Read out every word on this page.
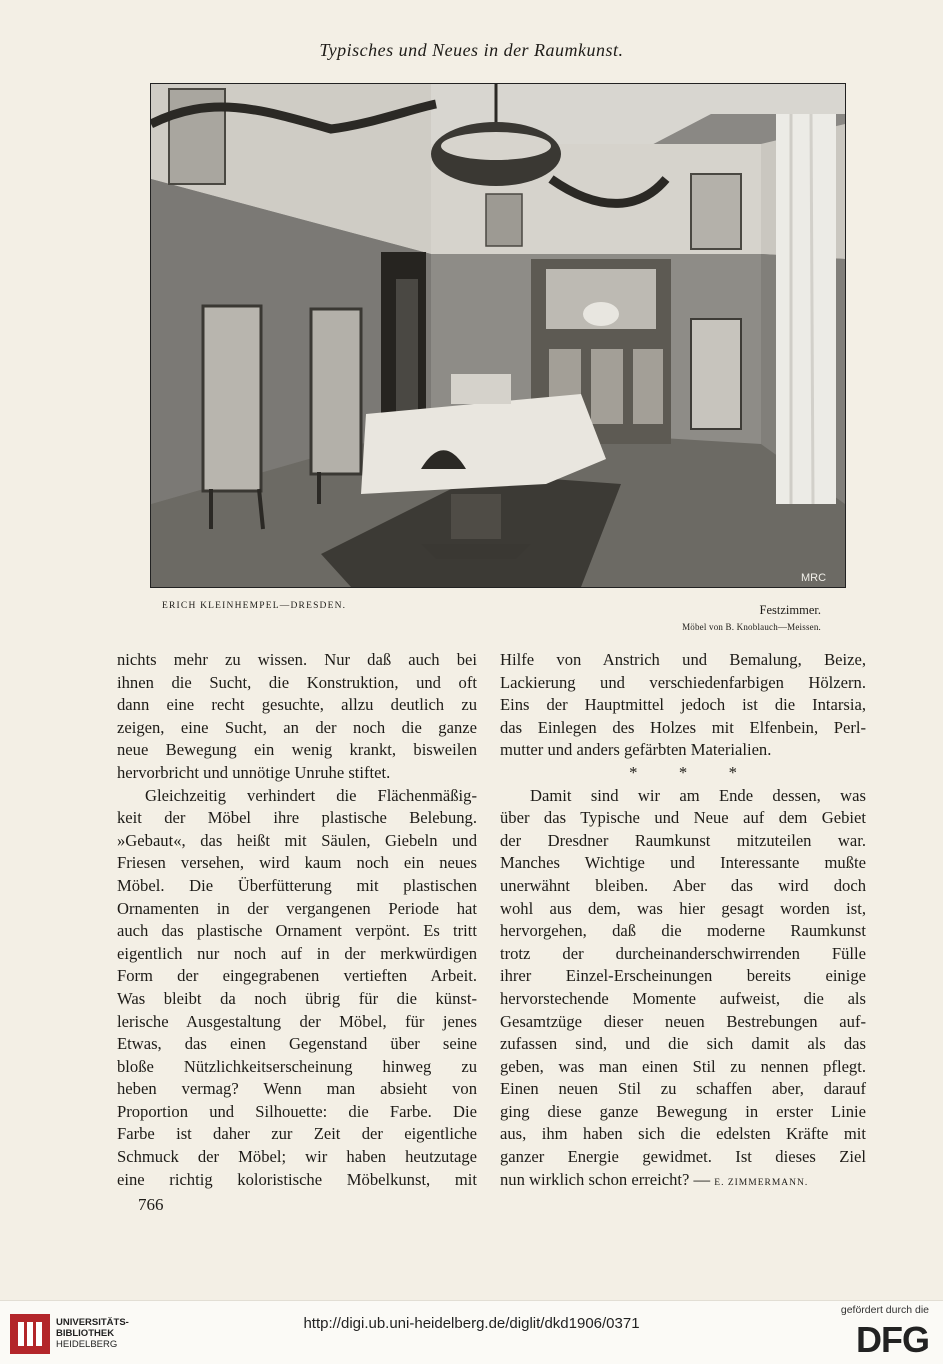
Typisches und Neues in der Raumkunst.
MRC
ERICH KLEINHEMPEL—DRESDEN.	Festzimmer.
Möbel von B. Knoblauch—Meissen.
nichts mehr zu wissen. Nur daß auch bei
ihnen die Sucht, die Konstruktion, und oft
dann eine recht gesuchte, allzu deutlich zu
zeigen, eine Sucht, an der noch die ganze
neue Bewegung ein wenig krankt, bisweilen
hervorbricht und unnötige Unruhe stiftet.
Gleichzeitig verhindert die Flächenmäßig-
keit der Möbel ihre plastische Belebung.
»Gebaut«, das heißt mit Säulen, Giebeln und
Friesen versehen, wird kaum noch ein neues
Möbel. Die Überfütterung mit plastischen
Ornamenten in der vergangenen Periode hat
auch das plastische Ornament verpönt. Es tritt
eigentlich nur noch auf in der merkwürdigen
Form der eingegrabenen vertieften Arbeit.
Was bleibt da noch übrig für die künst-
lerische Ausgestaltung der Möbel, für jenes
Etwas, das einen Gegenstand über seine
bloße Nützlichkeitserscheinung hinweg zu
heben vermag? Wenn man absieht von
Proportion und Silhouette: die Farbe. Die
Farbe ist daher zur Zeit der eigentliche
Schmuck der Möbel; wir haben heutzutage
eine richtig koloristische Möbelkunst, mit
Hilfe von Anstrich und Bemalung, Beize,
Lackierung und verschiedenfarbigen Hölzern.
Eins der Hauptmittel jedoch ist die Intarsia,
das Einlegen des Holzes mit Elfenbein, Perl-
mutter und anders gefärbten Materialien.
*          *          *
Damit sind wir am Ende dessen, was
über das Typische und Neue auf dem Gebiet
der Dresdner Raumkunst mitzuteilen war.
Manches Wichtige und Interessante mußte
unerwähnt bleiben. Aber das wird doch
wohl aus dem, was hier gesagt worden ist,
hervorgehen, daß die moderne Raumkunst
trotz der durcheinanderschwirrenden Fülle
ihrer Einzel-Erscheinungen bereits einige
hervorstechende Momente aufweist, die als
Gesamtzüge dieser neuen Bestrebungen auf-
zufassen sind, und die sich damit als das
geben, was man einen Stil zu nennen pflegt.
Einen neuen Stil zu schaffen aber, darauf
ging diese ganze Bewegung in erster Linie
aus, ihm haben sich die edelsten Kräfte mit
ganzer Energie gewidmet. Ist dieses Ziel
nun wirklich schon erreicht? — E. ZIMMERMANN.
766
UNIVERSITÄTS-
BIBLIOTHEK
HEIDELBERG
http://digi.ub.uni-heidelberg.de/diglit/dkd1906/0371
gefördert durch die
DFG
